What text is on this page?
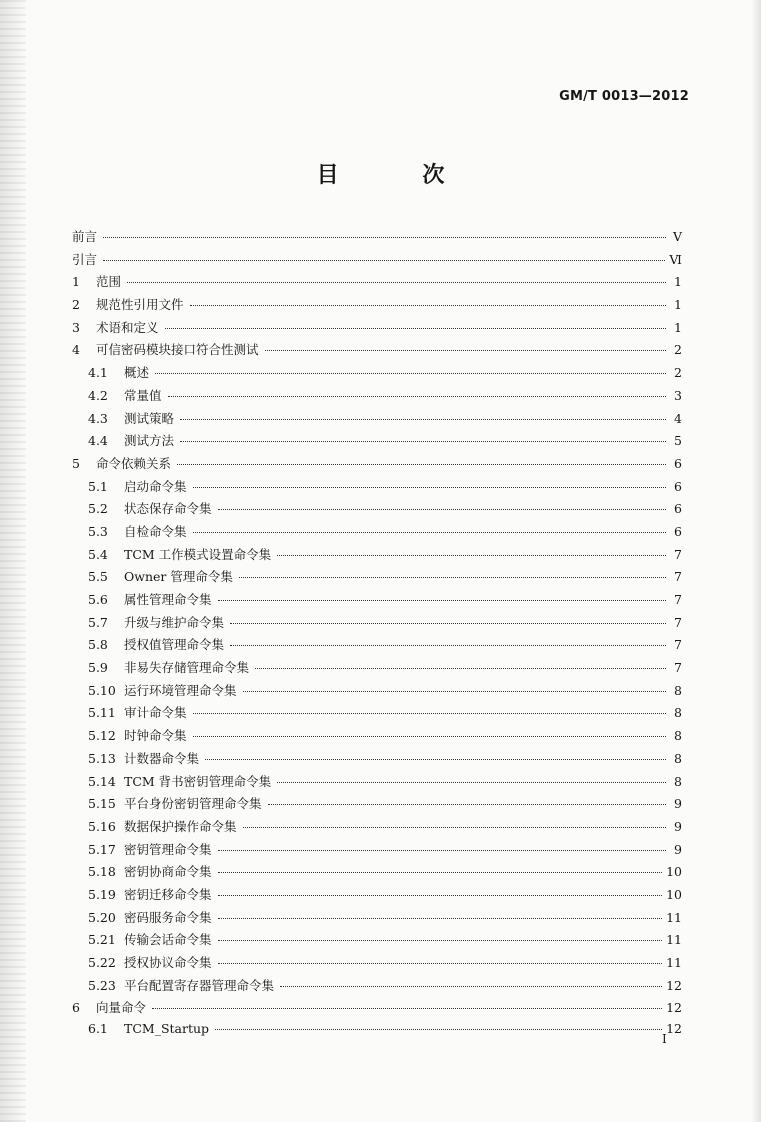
GM/T 0013—2012
目 次
前言	Ⅴ
引言	Ⅵ
1	范围	1
2	规范性引用文件	1
3	术语和定义	1
4	可信密码模块接口符合性测试	2
4.1	概述	2
4.2	常量值	3
4.3	测试策略	4
4.4	测试方法	5
5	命令依赖关系	6
5.1	启动命令集	6
5.2	状态保存命令集	6
5.3	自检命令集	6
5.4	TCM 工作模式设置命令集	7
5.5	Owner 管理命令集	7
5.6	属性管理命令集	7
5.7	升级与维护命令集	7
5.8	授权值管理命令集	7
5.9	非易失存储管理命令集	7
5.10 运行环境管理命令集	8
5.11 审计命令集	8
5.12 时钟命令集	8
5.13 计数器命令集	8
5.14 TCM 背书密钥管理命令集	8
5.15 平台身份密钥管理命令集	9
5.16 数据保护操作命令集	9
5.17 密钥管理命令集	9
5.18 密钥协商命令集	10
5.19 密钥迁移命令集	10
5.20 密码服务命令集	11
5.21 传输会话命令集	11
5.22 授权协议命令集	11
5.23 平台配置寄存器管理命令集	12
6	向量命令	12
6.1	TCM_Startup	12
Ⅰ
